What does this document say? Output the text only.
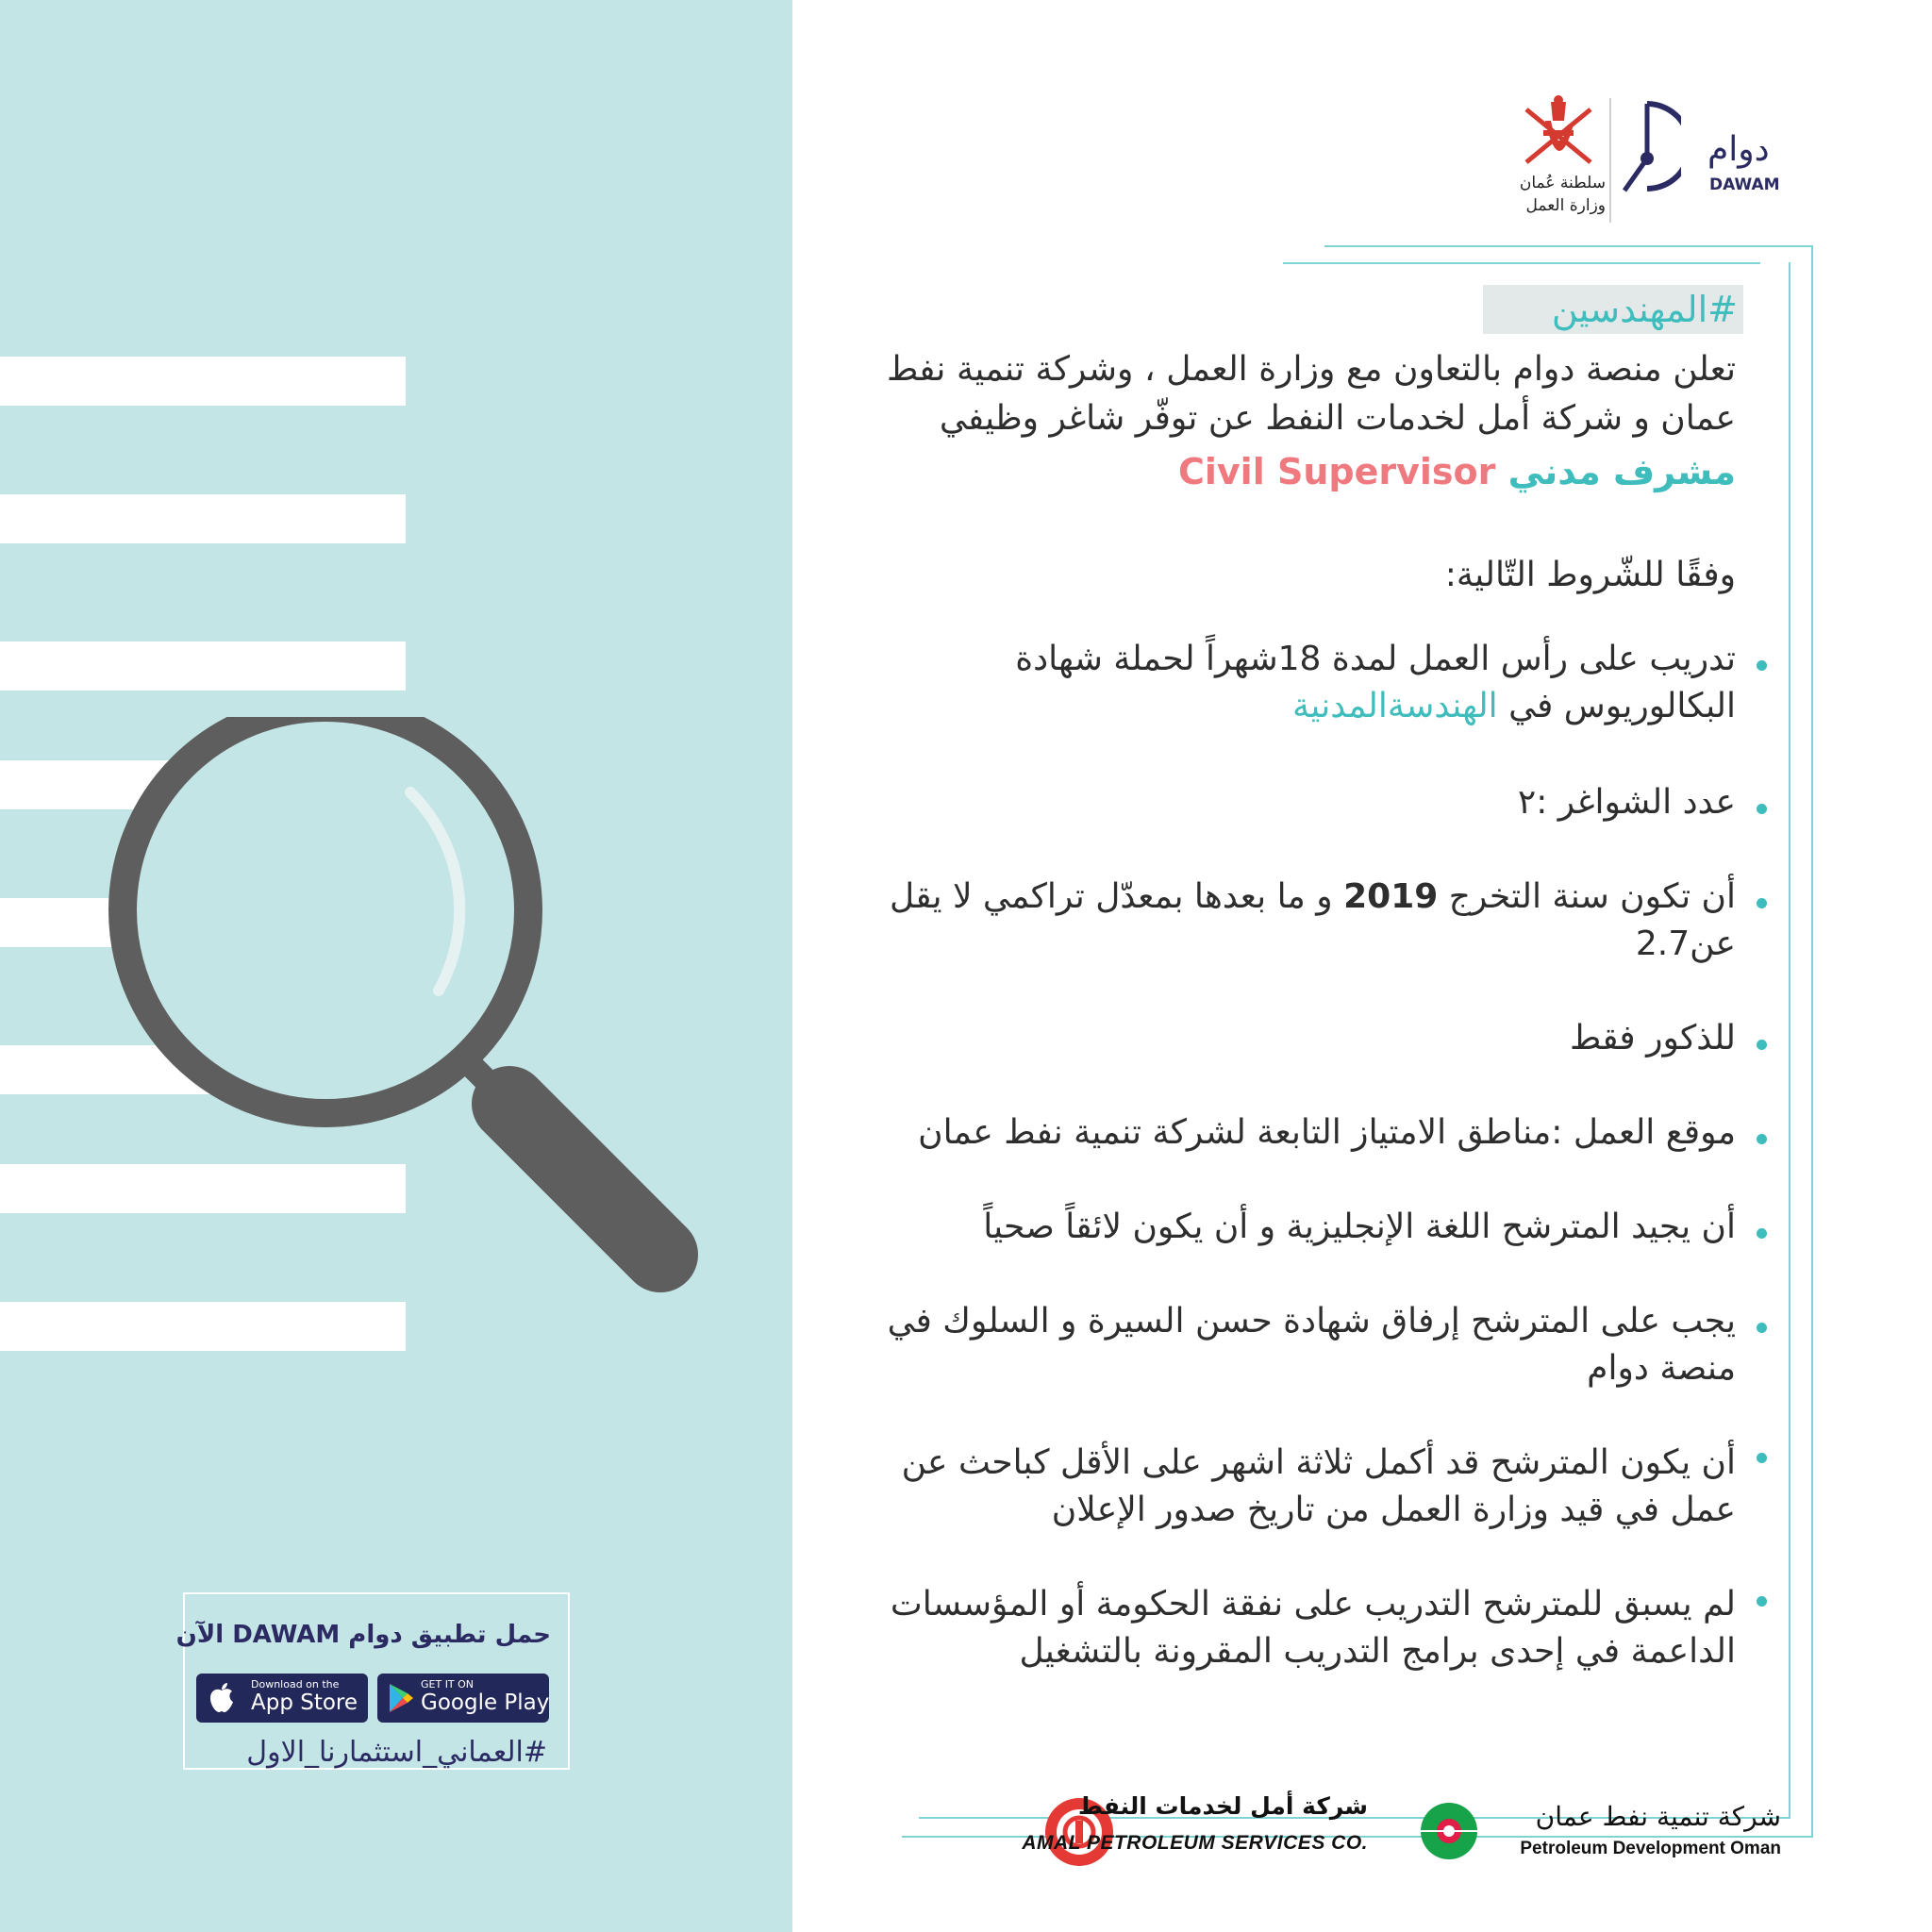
حمل تطبيق دوام DAWAM الآن
Download on the
App Store
GET IT ON
Google Play
#العماني_استثمارنا_الاول
سلطنة عُمان
وزارة العمل
دوام
DAWAM
#المهندسين
تعلن منصة دوام بالتعاون مع وزارة العمل ، وشركة تنمية نفط عمان و شركة أمل لخدمات النفط عن توفّر شاغر وظيفي
مشرف مدني Civil Supervisor
وفقًا للشّروط التّالية:
تدريب على رأس العمل لمدة 18شهراً لحملة شهادة البكالوريوس في الهندسةالمدنية
عدد الشواغر :٢
أن تكون سنة التخرج 2019 و ما بعدها بمعدّل تراكمي لا يقل عن2.7
للذكور فقط
موقع العمل :مناطق الامتياز التابعة لشركة تنمية نفط عمان
أن يجيد المترشح اللغة الإنجليزية و أن يكون لائقاً صحياً
يجب على المترشح إرفاق شهادة حسن السيرة و السلوك في منصة دوام
أن يكون المترشح قد أكمل ثلاثة اشهر على الأقل كباحث عن عمل في قيد وزارة العمل من تاريخ صدور الإعلان
لم يسبق للمترشح التدريب على نفقة الحكومة أو المؤسسات الداعمة في إحدى برامج التدريب المقرونة بالتشغيل
شركة تنمية نفط عمان
Petroleum Development Oman
شركة أمل لخدمات النفط
AMAL PETROLEUM SERVICES CO.
